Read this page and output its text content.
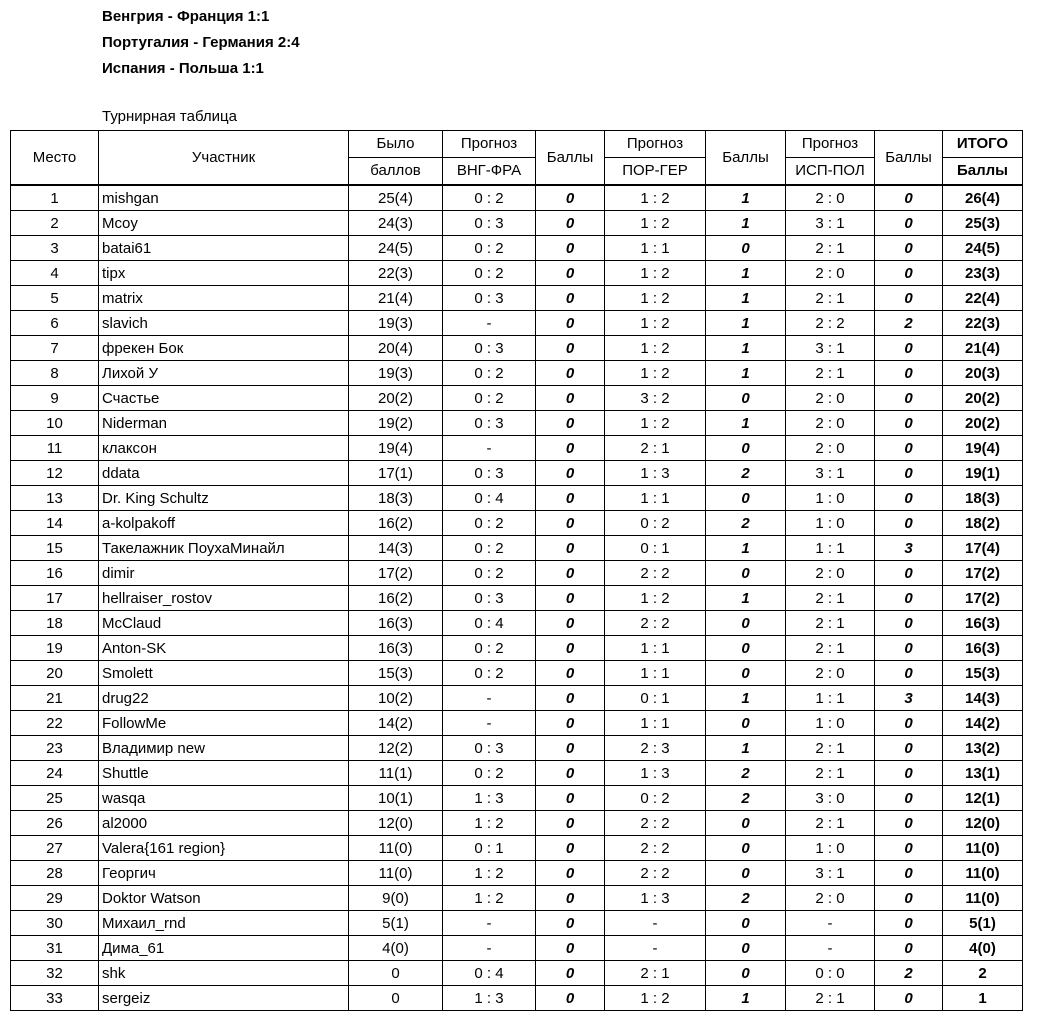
Венгрия - Франция 1:1
Португалия - Германия 2:4
Испания - Польша 1:1
Турнирная таблица
Место	Участник	Было	Прогноз	Баллы	Прогноз	Баллы	Прогноз	Баллы	ИТОГО
		баллов	ВНГ-ФРА		ПОР-ГЕР		ИСП-ПОЛ		Баллы
1	mishgan	25(4)	0 : 2	0	1 : 2	1	2 : 0	0	26(4)
2	Mcoy	24(3)	0 : 3	0	1 : 2	1	3 : 1	0	25(3)
3	batai61	24(5)	0 : 2	0	1 : 1	0	2 : 1	0	24(5)
4	tipx	22(3)	0 : 2	0	1 : 2	1	2 : 0	0	23(3)
5	matrix	21(4)	0 : 3	0	1 : 2	1	2 : 1	0	22(4)
6	slavich	19(3)	-	0	1 : 2	1	2 : 2	2	22(3)
7	фрекен Бок	20(4)	0 : 3	0	1 : 2	1	3 : 1	0	21(4)
8	Лихой У	19(3)	0 : 2	0	1 : 2	1	2 : 1	0	20(3)
9	Счастье	20(2)	0 : 2	0	3 : 2	0	2 : 0	0	20(2)
10	Niderman	19(2)	0 : 3	0	1 : 2	1	2 : 0	0	20(2)
11	клаксон	19(4)	-	0	2 : 1	0	2 : 0	0	19(4)
12	ddata	17(1)	0 : 3	0	1 : 3	2	3 : 1	0	19(1)
13	Dr. King Schultz	18(3)	0 : 4	0	1 : 1	0	1 : 0	0	18(3)
14	a-kolpakoff	16(2)	0 : 2	0	0 : 2	2	1 : 0	0	18(2)
15	Такелажник ПоухаМинайл	14(3)	0 : 2	0	0 : 1	1	1 : 1	3	17(4)
16	dimir	17(2)	0 : 2	0	2 : 2	0	2 : 0	0	17(2)
17	hellraiser_rostov	16(2)	0 : 3	0	1 : 2	1	2 : 1	0	17(2)
18	McClaud	16(3)	0 : 4	0	2 : 2	0	2 : 1	0	16(3)
19	Anton-SK	16(3)	0 : 2	0	1 : 1	0	2 : 1	0	16(3)
20	Smolett	15(3)	0 : 2	0	1 : 1	0	2 : 0	0	15(3)
21	drug22	10(2)	-	0	0 : 1	1	1 : 1	3	14(3)
22	FollowMe	14(2)	-	0	1 : 1	0	1 : 0	0	14(2)
23	Владимир new	12(2)	0 : 3	0	2 : 3	1	2 : 1	0	13(2)
24	Shuttle	11(1)	0 : 2	0	1 : 3	2	2 : 1	0	13(1)
25	wasqa	10(1)	1 : 3	0	0 : 2	2	3 : 0	0	12(1)
26	al2000	12(0)	1 : 2	0	2 : 2	0	2 : 1	0	12(0)
27	Valera{161 region}	11(0)	0 : 1	0	2 : 2	0	1 : 0	0	11(0)
28	Георгич	11(0)	1 : 2	0	2 : 2	0	3 : 1	0	11(0)
29	Doktor Watson	9(0)	1 : 2	0	1 : 3	2	2 : 0	0	11(0)
30	Михаил_rnd	5(1)	-	0	-	0	-	0	5(1)
31	Дима_61	4(0)	-	0	-	0	-	0	4(0)
32	shk	0	0 : 4	0	2 : 1	0	0 : 0	2	2
33	sergeiz	0	1 : 3	0	1 : 2	1	2 : 1	0	1
